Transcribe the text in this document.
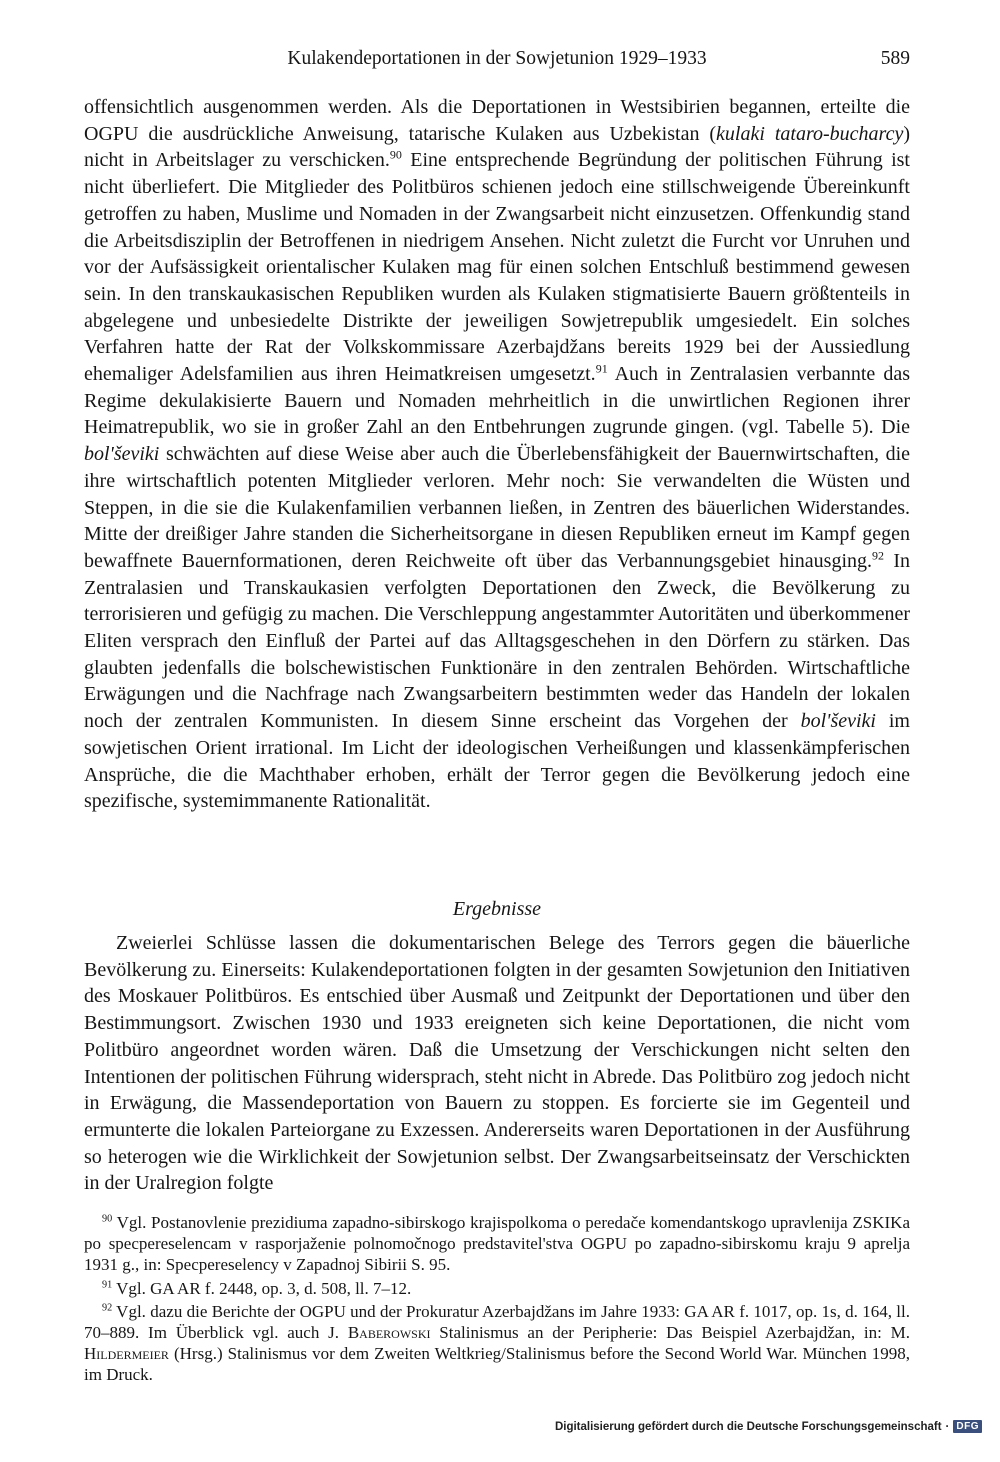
Kulakendeportationen in der Sowjetunion 1929–1933	589

offensichtlich ausgenommen werden. Als die Deportationen in Westsibirien begannen, erteilte die OGPU die ausdrückliche Anweisung, tatarische Kulaken aus Uzbekistan (kulaki tataro-bucharcy) nicht in Arbeitslager zu verschicken.$^{90}$ Eine entsprechende Begründung der politischen Führung ist nicht überliefert. Die Mitglieder des Politbüros schienen jedoch eine stillschweigende Übereinkunft getroffen zu haben, Muslime und Nomaden in der Zwangsarbeit nicht einzusetzen. Offenkundig stand die Arbeitsdisziplin der Betroffenen in niedrigem Ansehen. Nicht zuletzt die Furcht vor Unruhen und vor der Aufsässigkeit orientalischer Kulaken mag für einen solchen Entschluß bestimmend gewesen sein. In den transkaukasischen Republiken wurden als Kulaken stigmatisierte Bauern größtenteils in abgelegene und unbesiedelte Distrikte der jeweiligen Sowjetrepublik umgesiedelt. Ein solches Verfahren hatte der Rat der Volkskommissare Azerbajdžans bereits 1929 bei der Aussiedlung ehemaliger Adelsfamilien aus ihren Heimatkreisen umgesetzt.$^{91}$ Auch in Zentralasien verbannte das Regime dekulakisierte Bauern und Nomaden mehrheitlich in die unwirtlichen Regionen ihrer Heimatrepublik, wo sie in großer Zahl an den Entbehrungen zugrunde gingen. (vgl. Tabelle 5). Die bol'ševiki schwächten auf diese Weise aber auch die Überlebensfähigkeit der Bauernwirtschaften, die ihre wirtschaftlich potenten Mitglieder verloren. Mehr noch: Sie verwandelten die Wüsten und Steppen, in die sie die Kulakenfamilien verbannen ließen, in Zentren des bäuerlichen Widerstandes. Mitte der dreißiger Jahre standen die Sicherheitsorgane in diesen Republiken erneut im Kampf gegen bewaffnete Bauernformationen, deren Reichweite oft über das Verbannungsgebiet hinausging.$^{92}$ In Zentralasien und Transkaukasien verfolgten Deportationen den Zweck, die Bevölkerung zu terrorisieren und gefügig zu machen. Die Verschleppung angestammter Autoritäten und überkommener Eliten versprach den Einfluß der Partei auf das Alltagsgeschehen in den Dörfern zu stärken. Das glaubten jedenfalls die bolschewistischen Funktionäre in den zentralen Behörden. Wirtschaftliche Erwägungen und die Nachfrage nach Zwangsarbeitern bestimmten weder das Handeln der lokalen noch der zentralen Kommunisten. In diesem Sinne erscheint das Vorgehen der bol'ševiki im sowjetischen Orient irrational. Im Licht der ideologischen Verheißungen und klassenkämpferischen Ansprüche, die die Machthaber erhoben, erhält der Terror gegen die Bevölkerung jedoch eine spezifische, systemimmanente Rationalität.

Ergebnisse

Zweierlei Schlüsse lassen die dokumentarischen Belege des Terrors gegen die bäuerliche Bevölkerung zu. Einerseits: Kulakendeportationen folgten in der gesamten Sowjetunion den Initiativen des Moskauer Politbüros. Es entschied über Ausmaß und Zeitpunkt der Deportationen und über den Bestimmungsort. Zwischen 1930 und 1933 ereigneten sich keine Deportationen, die nicht vom Politbüro angeordnet worden wären. Daß die Umsetzung der Verschickungen nicht selten den Intentionen der politischen Führung widersprach, steht nicht in Abrede. Das Politbüro zog jedoch nicht in Erwägung, die Massendeportation von Bauern zu stoppen. Es forcierte sie im Gegenteil und ermunterte die lokalen Parteiorgane zu Exzessen. Andererseits waren Deportationen in der Ausführung so heterogen wie die Wirklichkeit der Sowjetunion selbst. Der Zwangsarbeitseinsatz der Verschickten in der Uralregion folgte

$^{90}$ Vgl. Postanovlenie prezidiuma zapadno-sibirskogo krajispolkoma o peredače komendantskogo upravlenija ZSKIKa po specpereselencam v rasporjaženie polnomočnogo predstavitel'stva OGPU po zapadno-sibirskomu kraju 9 aprelja 1931 g., in: Specpereselency v Zapadnoj Sibirii S. 95.

$^{91}$ Vgl. GA AR f. 2448, op. 3, d. 508, ll. 7–12.

$^{92}$ Vgl. dazu die Berichte der OGPU und der Prokuratur Azerbajdžans im Jahre 1933: GA AR f. 1017, op. 1s, d. 164, ll. 70–889. Im Überblick vgl. auch J. Baberowski Stalinismus an der Peripherie: Das Beispiel Azerbajdžan, in: M. Hildermeier (Hrsg.) Stalinismus vor dem Zweiten Weltkrieg/Stalinismus before the Second World War. München 1998, im Druck.

Digitalisierung gefördert durch die Deutsche Forschungsgemeinschaft · DFG
